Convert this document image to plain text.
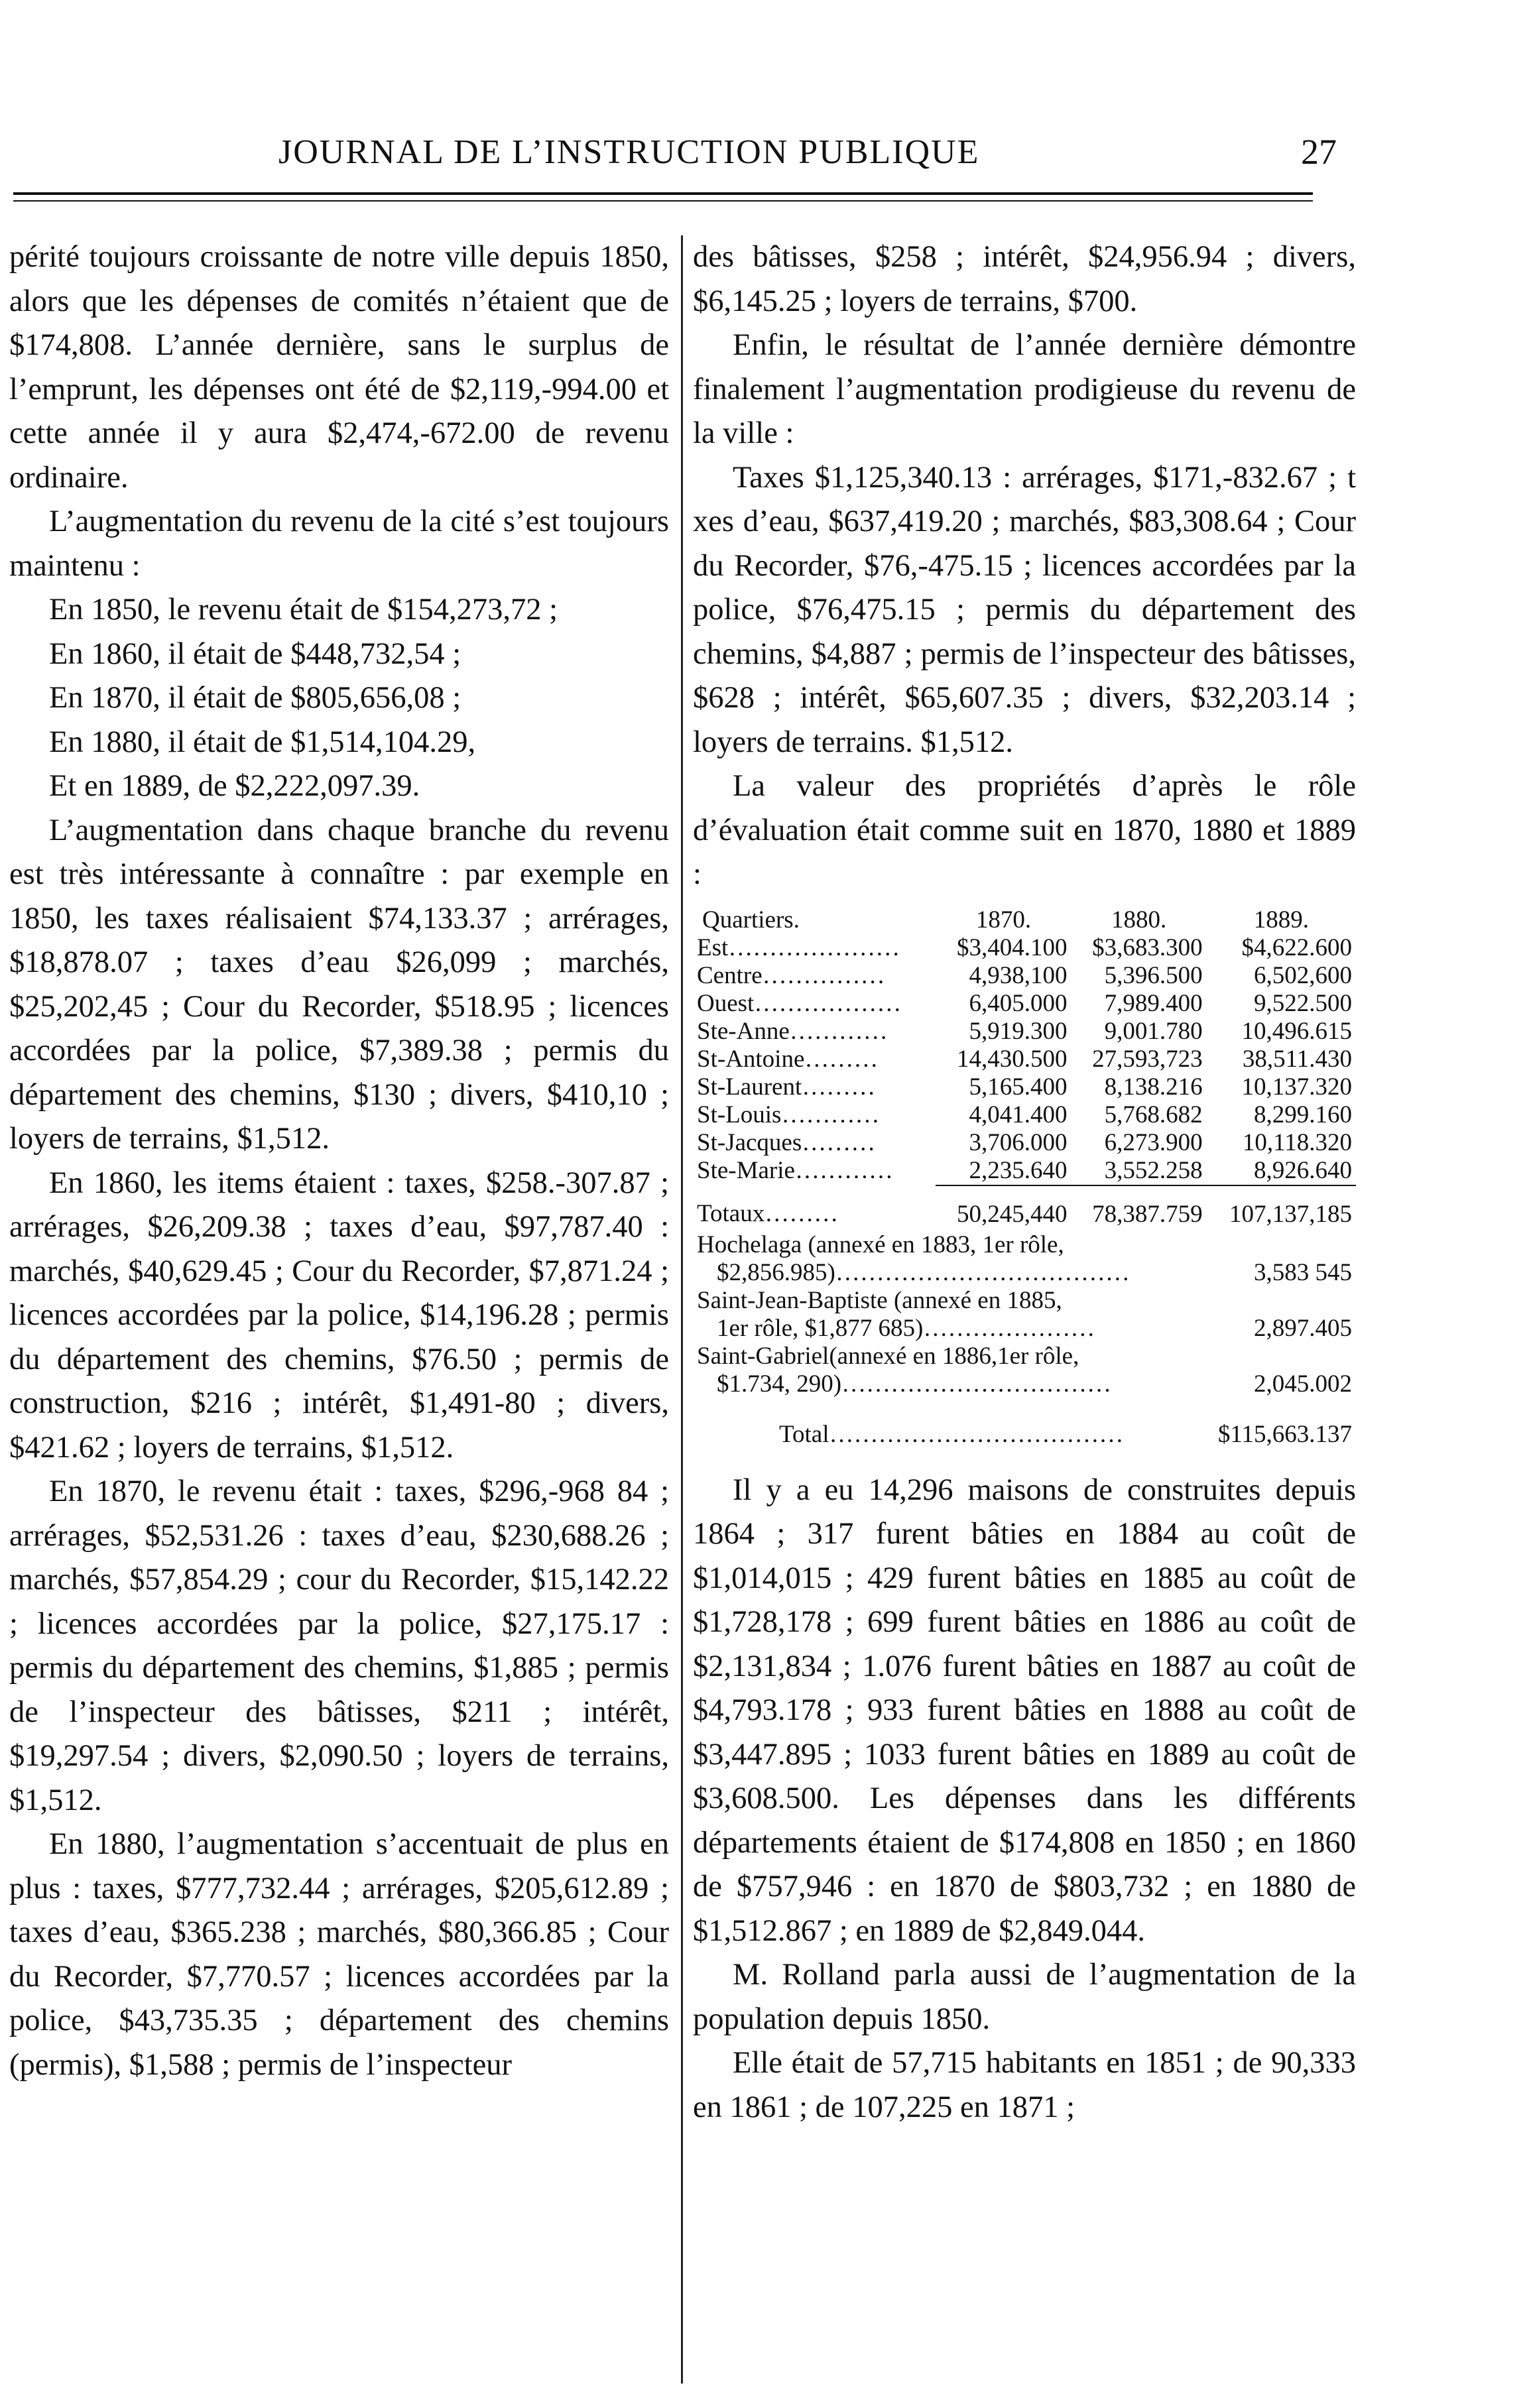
JOURNAL DE L’INSTRUCTION PUBLIQUE	27

périté toujours croissante de notre ville depuis 1850, alors que les dépenses de comités n’étaient que de $174,808. L’année dernière, sans le surplus de l’emprunt, les dépenses ont été de $2,119,-994.00 et cette année il y aura $2,474,-672.00 de revenu ordinaire.

L’augmentation du revenu de la cité s’est toujours maintenu :

En 1850, le revenu était de $154,273,72 ;

En 1860, il était de $448,732,54 ;

En 1870, il était de $805,656,08 ;

En 1880, il était de $1,514,104.29,

Et en 1889, de $2,222,097.39.

L’augmentation dans chaque branche du revenu est très intéressante à connaître : par exemple en 1850, les taxes réalisaient $74,133.37 ; arrérages, $18,878.07 ; taxes d’eau $26,099 ; marchés, $25,202,45 ; Cour du Recorder, $518.95 ; licences accordées par la police, $7,389.38 ; permis du département des chemins, $130 ; divers, $410,10 ; loyers de terrains, $1,512.

En 1860, les items étaient : taxes, $258.-307.87 ; arrérages, $26,209.38 ; taxes d’eau, $97,787.40 : marchés, $40,629.45 ; Cour du Recorder, $7,871.24 ; licences accordées par la police, $14,196.28 ; permis du département des chemins, $76.50 ; permis de construction, $216 ; intérêt, $1,491-80 ; divers, $421.62 ; loyers de terrains, $1,512.

En 1870, le revenu était : taxes, $296,-968 84 ; arrérages, $52,531.26 : taxes d’eau, $230,688.26 ; marchés, $57,854.29 ; cour du Recorder, $15,142.22 ; licences accordées par la police, $27,175.17 : permis du département des chemins, $1,885 ; permis de l’inspecteur des bâtisses, $211 ; intérêt, $19,297.54 ; divers, $2,090.50 ; loyers de terrains, $1,512.

En 1880, l’augmentation s’accentuait de plus en plus : taxes, $777,732.44 ; arrérages, $205,612.89 ; taxes d’eau, $365.238 ; marchés, $80,366.85 ; Cour du Recorder, $7,770.57 ; licences accordées par la police, $43,735.35 ; département des chemins (permis), $1,588 ; permis de l’inspecteur

des bâtisses, $258 ; intérêt, $24,956.94 ; divers, $6,145.25 ; loyers de terrains, $700.

Enfin, le résultat de l’année dernière démontre finalement l’augmentation prodigieuse du revenu de la ville :

Taxes $1,125,340.13 : arrérages, $171,-832.67 ; t xes d’eau, $637,419.20 ; marchés, $83,308.64 ; Cour du Recorder, $76,-475.15 ; licences accordées par la police, $76,475.15 ; permis du département des chemins, $4,887 ; permis de l’inspecteur des bâtisses, $628 ; intérêt, $65,607.35 ; divers, $32,203.14 ; loyers de terrains. $1,512.

La valeur des propriétés d’après le rôle d’évaluation était comme suit en 1870, 1880 et 1889 :

Quartiers.	1870.	1880.	1889.
Est…………………	$3,404.100	$3,683.300	$4,622.600
Centre……………	4,938,100	5,396.500	6,502,600
Ouest………………	6,405.000	7,989.400	9,522.500
Ste-Anne…………	5,919.300	9,001.780	10,496.615
St-Antoine………	14,430.500	27,593,723	38,511.430
St-Laurent………	5,165.400	8,138.216	10,137.320
St-Louis…………	4,041.400	5,768.682	8,299.160
St-Jacques………	3,706.000	6,273.900	10,118.320
Ste-Marie…………	2,235.640	3,552.258	8,926.640
Totaux………	50,245,440	78,387.759	107,137,185
Hochelaga (annexé en 1883, 1er rôle,
$2,856.985)………………………………	3,583 545
Saint-Jean-Baptiste (annexé en 1885,
1er rôle, $1,877 685)…………………	2,897.405
Saint-Gabriel(annexé en 1886,1er rôle,
$1.734, 290)……………………………	2,045.002
Total………………………………	$115,663.137

Il y a eu 14,296 maisons de construites depuis 1864 ; 317 furent bâties en 1884 au coût de $1,014,015 ; 429 furent bâties en 1885 au coût de $1,728,178 ; 699 furent bâties en 1886 au coût de $2,131,834 ; 1.076 furent bâties en 1887 au coût de $4,793.178 ; 933 furent bâties en 1888 au coût de $3,447.895 ; 1033 furent bâties en 1889 au coût de $3,608.500. Les dépenses dans les différents départements étaient de $174,808 en 1850 ; en 1860 de $757,946 : en 1870 de $803,732 ; en 1880 de $1,512.867 ; en 1889 de $2,849.044.

M. Rolland parla aussi de l’augmentation de la population depuis 1850.

Elle était de 57,715 habitants en 1851 ; de 90,333 en 1861 ; de 107,225 en 1871 ;
